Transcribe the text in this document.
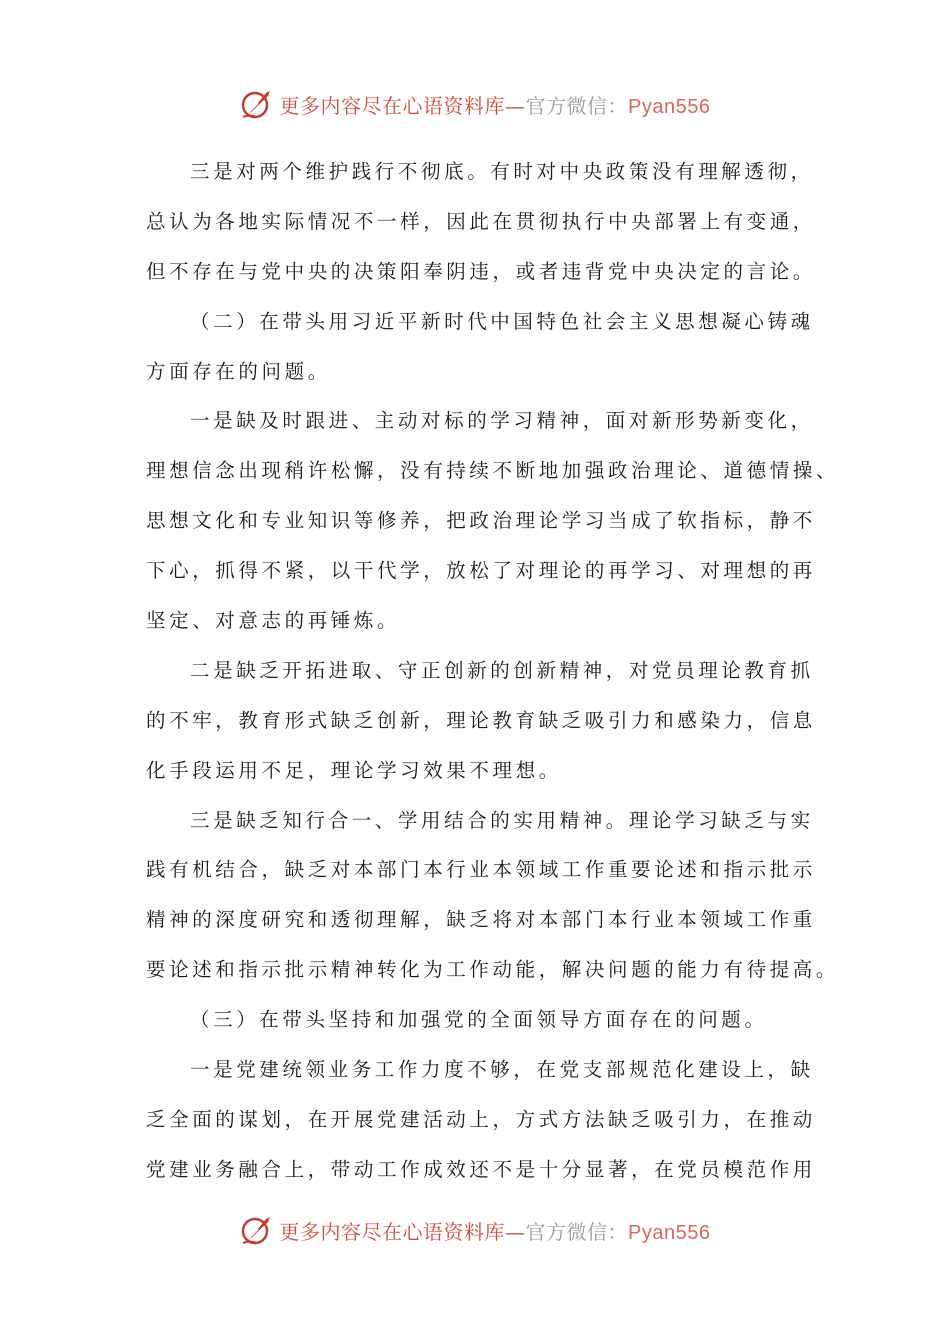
更多内容尽在心语资料库—官方微信：Pyan556
三是对两个维护践行不彻底。有时对中央政策没有理解透彻，
总认为各地实际情况不一样，因此在贯彻执行中央部署上有变通，
但不存在与党中央的决策阳奉阴违，或者违背党中央决定的言论。
（二）在带头用习近平新时代中国特色社会主义思想凝心铸魂
方面存在的问题。
一是缺及时跟进、主动对标的学习精神，面对新形势新变化，
理想信念出现稍许松懈，没有持续不断地加强政治理论、道德情操、
思想文化和专业知识等修养，把政治理论学习当成了软指标，静不
下心，抓得不紧，以干代学，放松了对理论的再学习、对理想的再
坚定、对意志的再锤炼。
二是缺乏开拓进取、守正创新的创新精神，对党员理论教育抓
的不牢，教育形式缺乏创新，理论教育缺乏吸引力和感染力，信息
化手段运用不足，理论学习效果不理想。
三是缺乏知行合一、学用结合的实用精神。理论学习缺乏与实
践有机结合，缺乏对本部门本行业本领域工作重要论述和指示批示
精神的深度研究和透彻理解，缺乏将对本部门本行业本领域工作重
要论述和指示批示精神转化为工作动能，解决问题的能力有待提高。
（三）在带头坚持和加强党的全面领导方面存在的问题。
一是党建统领业务工作力度不够，在党支部规范化建设上，缺
乏全面的谋划，在开展党建活动上，方式方法缺乏吸引力，在推动
党建业务融合上，带动工作成效还不是十分显著，在党员模范作用
更多内容尽在心语资料库—官方微信：Pyan556
